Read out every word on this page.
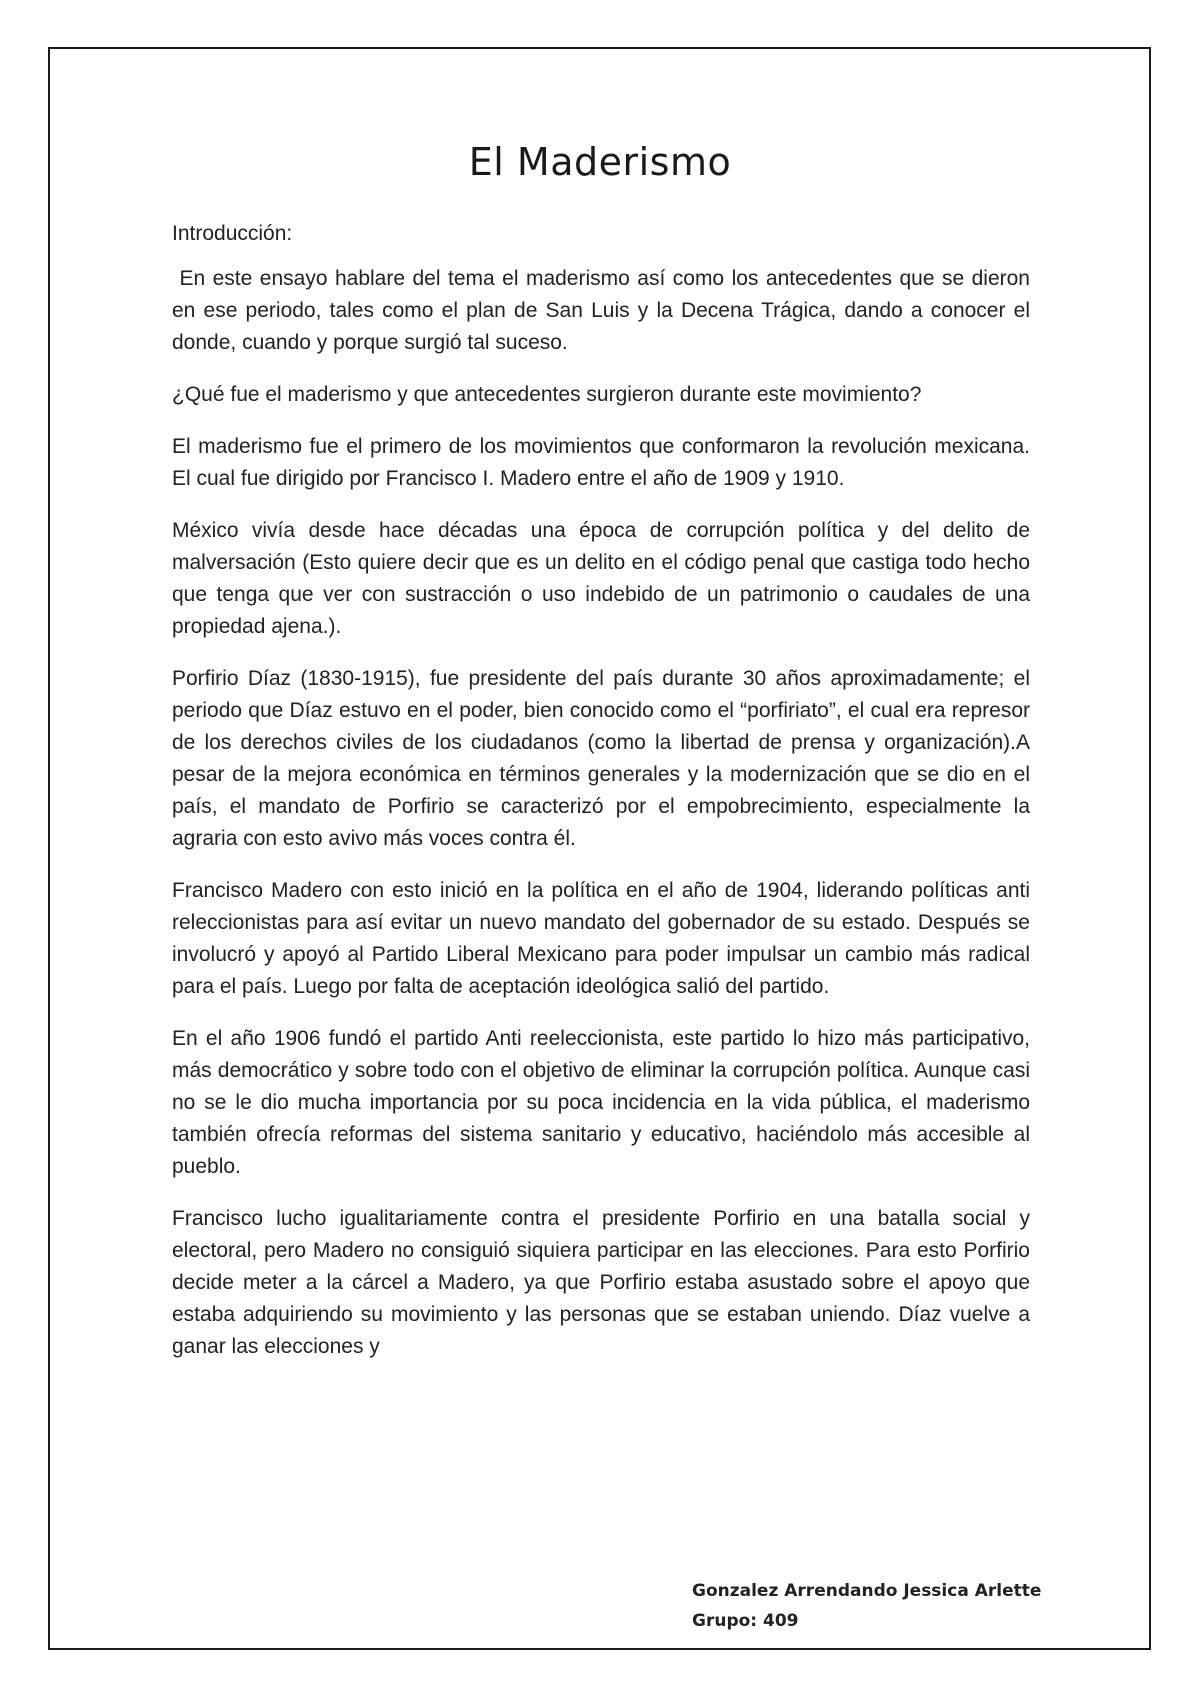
El Maderismo

Introducción:

En este ensayo hablare del tema el maderismo así como los antecedentes que se dieron en ese periodo, tales como el plan de San Luis y la Decena Trágica, dando a conocer el donde, cuando y porque surgió tal suceso.

¿Qué fue el maderismo y que antecedentes surgieron durante este movimiento?

El maderismo fue el primero de los movimientos que conformaron la revolución mexicana. El cual fue dirigido por Francisco I. Madero entre el año de 1909 y 1910.

México vivía desde hace décadas una época de corrupción política y del delito de malversación (Esto quiere decir que es un delito en el código penal que castiga todo hecho que tenga que ver con sustracción o uso indebido de un patrimonio o caudales de una propiedad ajena.).

Porfirio Díaz (1830-1915), fue presidente del país durante 30 años aproximadamente; el periodo que Díaz estuvo en el poder, bien conocido como el “porfiriato”, el cual era represor de los derechos civiles de los ciudadanos (como la libertad de prensa y organización).A pesar de la mejora económica en términos generales y la modernización que se dio en el país, el mandato de Porfirio se caracterizó por el empobrecimiento, especialmente la agraria con esto avivo más voces contra él.

Francisco Madero con esto inició en la política en el año de 1904, liderando políticas anti releccionistas para así evitar un nuevo mandato del gobernador de su estado. Después se involucró y apoyó al Partido Liberal Mexicano para poder impulsar un cambio más radical para el país. Luego por falta de aceptación ideológica salió del partido.

En el año 1906 fundó el partido Anti reeleccionista, este partido lo hizo más participativo, más democrático y sobre todo con el objetivo de eliminar la corrupción política. Aunque casi no se le dio mucha importancia por su poca incidencia en la vida pública, el maderismo también ofrecía reformas del sistema sanitario y educativo, haciéndolo más accesible al pueblo.

Francisco lucho igualitariamente contra el presidente Porfirio en una batalla social y electoral, pero Madero no consiguió siquiera participar en las elecciones. Para esto Porfirio decide meter a la cárcel a Madero, ya que Porfirio estaba asustado sobre el apoyo que estaba adquiriendo su movimiento y las personas que se estaban uniendo. Díaz vuelve a ganar las elecciones y

Gonzalez Arrendando Jessica Arlette
Grupo: 409
